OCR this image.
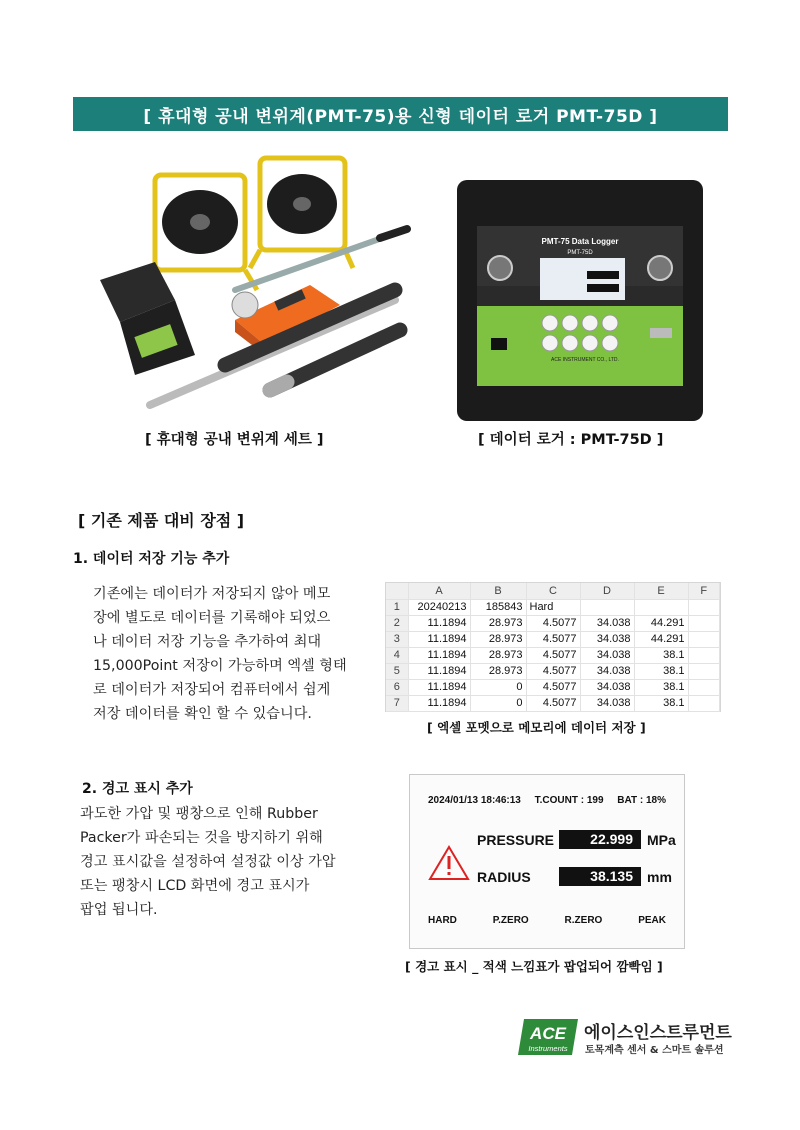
[ 휴대형 공내 변위계(PMT-75)용 신형 데이터 로거 PMT-75D ]
PMT-75 Data Logger
PMT-75D
ACE INSTRUMENT CO., LTD.
[ 휴대형 공내 변위계 세트 ]	[ 데이터 로거 : PMT-75D ]
[ 기존 제품 대비 장점 ]
1. 데이터 저장 기능 추가
기존에는 데이터가 저장되지 않아 메모
장에 별도로 데이터를 기록해야 되었으
나 데이터 저장 기능을 추가하여 최대
15,000Point 저장이 가능하며 엑셀 형태
로 데이터가 저장되어 컴퓨터에서 쉽게
저장 데이터를 확인 할 수 있습니다.
	A	B	C	D	E	F
1	20240213	185843	Hard			
2	11.1894	28.973	4.5077	34.038	44.291	
3	11.1894	28.973	4.5077	34.038	44.291	
4	11.1894	28.973	4.5077	34.038	38.1	
5	11.1894	28.973	4.5077	34.038	38.1	
6	11.1894	0	4.5077	34.038	38.1	
7	11.1894	0	4.5077	34.038	38.1	
[ 엑셀 포멧으로 메모리에 데이터 저장 ]
2. 경고 표시 추가
과도한 가압 및 팽창으로 인해 Rubber
Packer가 파손되는 것을 방지하기 위해
경고 표시값을 설정하여 설정값 이상 가압
또는 팽창시 LCD 화면에 경고 표시가
팝업 됩니다.
2024/01/13 18:46:13 T.COUNT : 199 BAT : 18%
PRESSURE	22.999	MPa
RADIUS	38.135	mm
HARD	P.ZERO	R.ZERO	PEAK
[ 경고 표시 _ 적색 느낌표가 팝업되어 깜빡임 ]
ACE
Instruments
에이스인스트루먼트
토목계측 센서 & 스마트 솔루션
